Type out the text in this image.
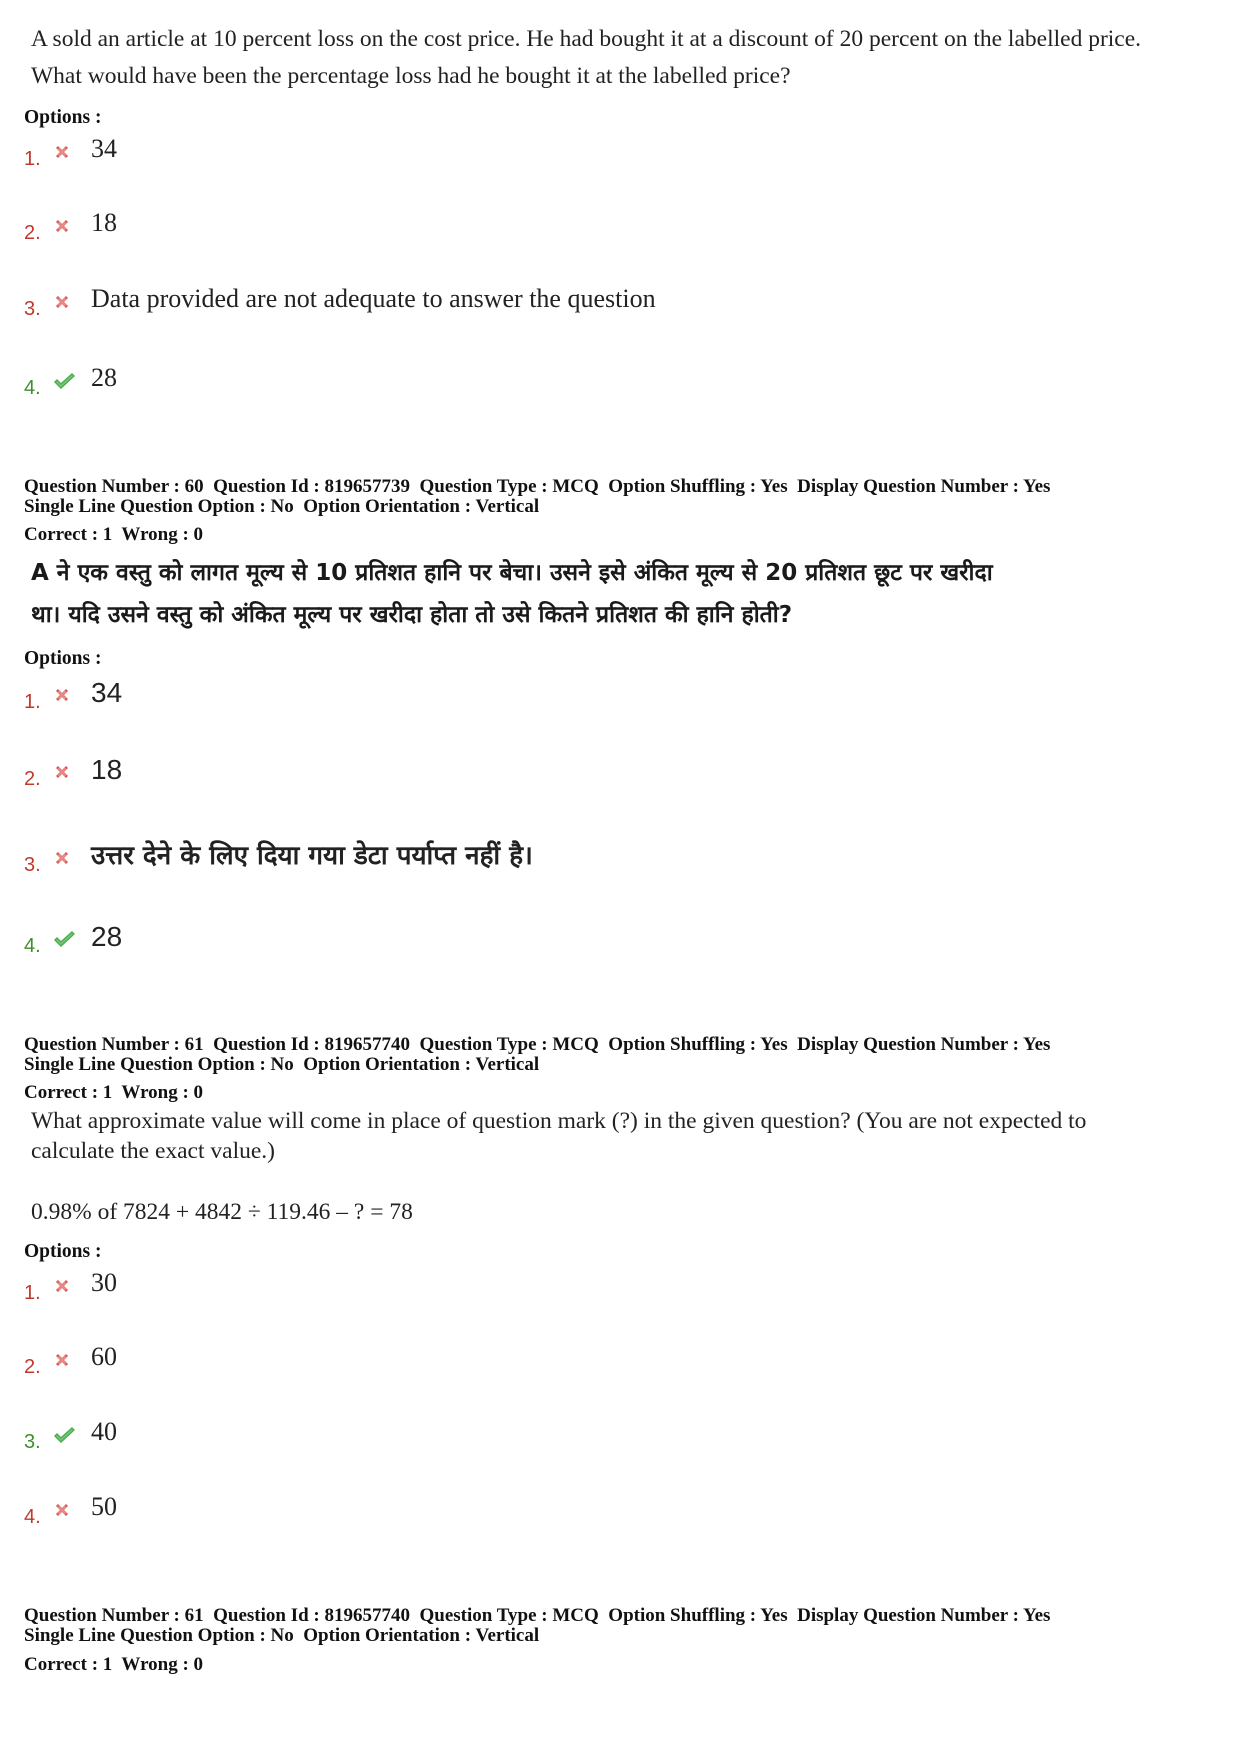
A sold an article at 10 percent loss on the cost price. He had bought it at a discount of 20 percent on the labelled price.
What would have been the percentage loss had he bought it at the labelled price?
Options :
1. 34
2. 18
3. Data provided are not adequate to answer the question
4. 28
Question Number : 60  Question Id : 819657739  Question Type : MCQ  Option Shuffling : Yes  Display Question Number : Yes
Single Line Question Option : No  Option Orientation : Vertical
Correct : 1  Wrong : 0
A ने एक वस्तु को लागत मूल्य से 10 प्रतिशत हानि पर बेचा। उसने इसे अंकित मूल्य से 20 प्रतिशत छूट पर खरीदा
था। यदि उसने वस्तु को अंकित मूल्य पर खरीदा होता तो उसे कितने प्रतिशत की हानि होती?
Options :
1. 34
2. 18
3. उत्तर देने के लिए दिया गया डेटा पर्याप्त नहीं है।
4. 28
Question Number : 61  Question Id : 819657740  Question Type : MCQ  Option Shuffling : Yes  Display Question Number : Yes
Single Line Question Option : No  Option Orientation : Vertical
Correct : 1  Wrong : 0
What approximate value will come in place of question mark (?) in the given question? (You are not expected to
calculate the exact value.)
0.98% of 7824 + 4842 ÷ 119.46 – ? = 78
Options :
1. 30
2. 60
3. 40
4. 50
Question Number : 61  Question Id : 819657740  Question Type : MCQ  Option Shuffling : Yes  Display Question Number : Yes
Single Line Question Option : No  Option Orientation : Vertical
Correct : 1  Wrong : 0
